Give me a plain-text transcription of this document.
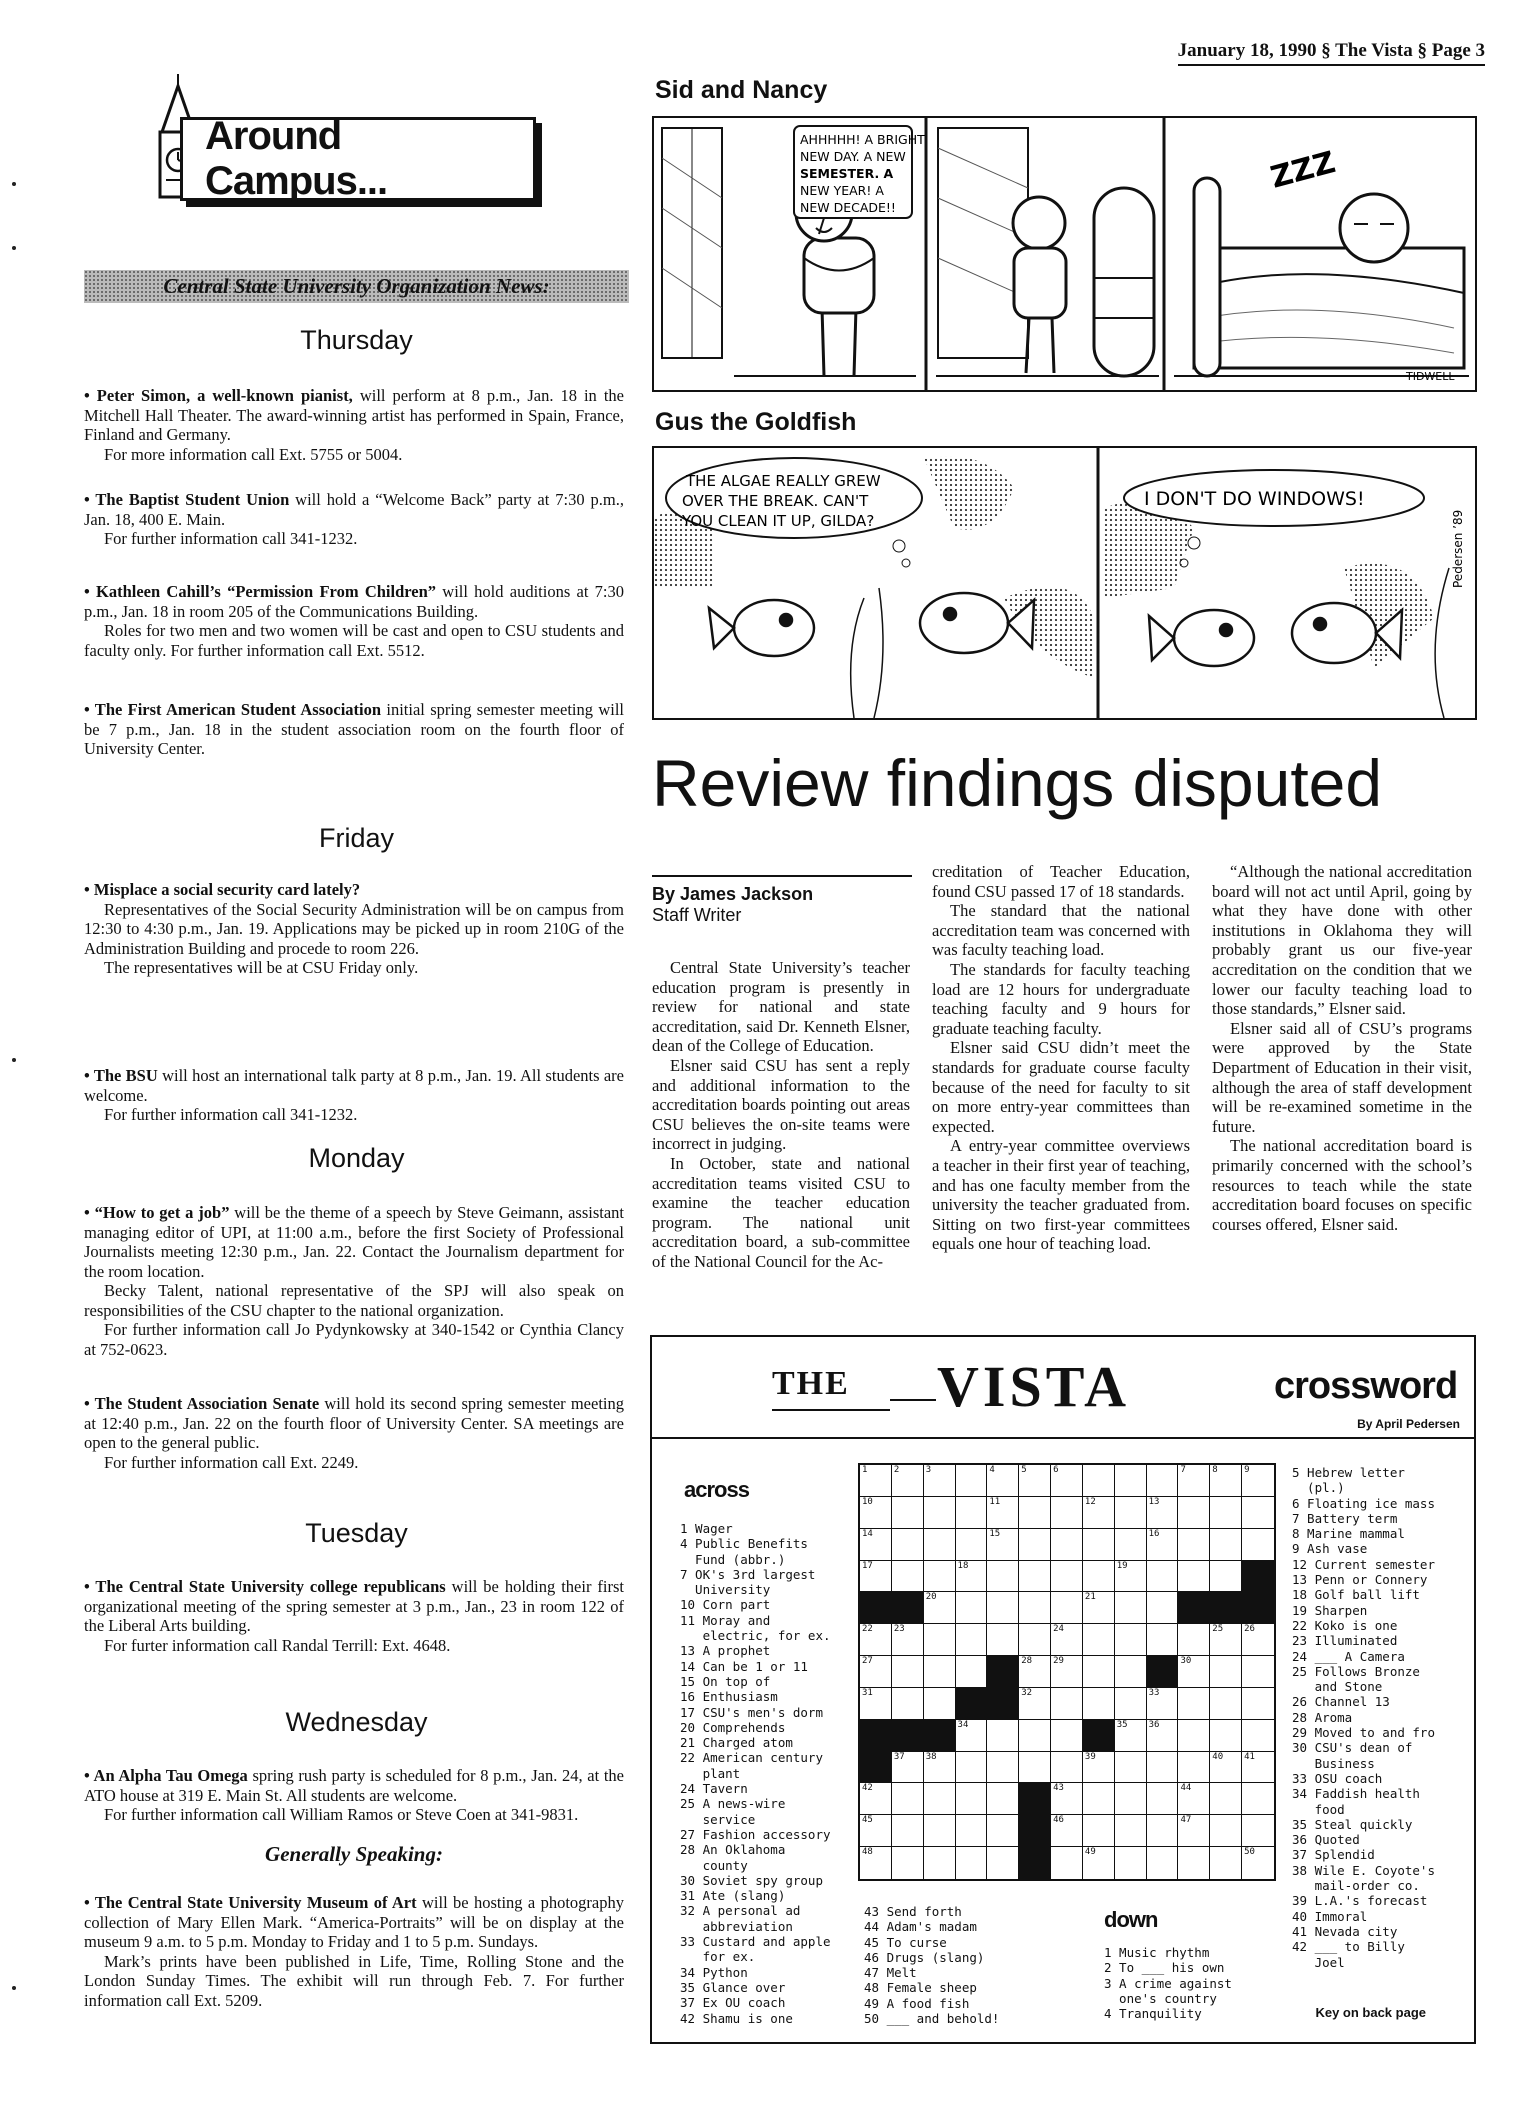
January 18, 1990 § The Vista § Page 3
Around Campus...
Central State University Organization News:
Thursday

• Peter Simon, a well-known pianist, will perform at 8 p.m., Jan. 18 in the Mitchell Hall Theater. The award-winning artist has performed in Spain, France, Finland and Germany.

For more information call Ext. 5755 or 5004.

• The Baptist Student Union will hold a “Welcome Back” party at 7:30 p.m., Jan. 18, 400 E. Main.

For further information call 341-1232.

• Kathleen Cahill’s “Permission From Children” will hold auditions at 7:30 p.m., Jan. 18 in room 205 of the Communications Building.

Roles for two men and two women will be cast and open to CSU students and faculty only. For further information call Ext. 5512.

• The First American Student Association initial spring semester meeting will be 7 p.m., Jan. 18 in the student association room on the fourth floor of University Center.

Friday

• Misplace a social security card lately?

Representatives of the Social Security Administration will be on campus from 12:30 to 4:30 p.m., Jan. 19. Applications may be picked up in room 210G of the Administration Building and procede to room 226.

The representatives will be at CSU Friday only.

• The BSU will host an international talk party at 8 p.m., Jan. 19. All students are welcome.

For further information call 341-1232.

Monday

• “How to get a job” will be the theme of a speech by Steve Geimann, assistant managing editor of UPI, at 11:00 a.m., before the first Society of Professional Journalists meeting 12:30 p.m., Jan. 22. Contact the Journalism department for the room location.

Becky Talent, national representative of the SPJ will also speak on responsibilities of the CSU chapter to the national organization.

For further information call Jo Pydynkowsky at 340-1542 or Cynthia Clancy at 752-0623.

• The Student Association Senate will hold its second spring semester meeting at 12:40 p.m., Jan. 22 on the fourth floor of University Center. SA meetings are open to the general public.

For further information call Ext. 2249.

Tuesday

• The Central State University college republicans will be holding their first organizational meeting of the spring semester at 3 p.m., Jan., 23 in room 122 of the Liberal Arts building.

For furter information call Randal Terrill: Ext. 4648.

Wednesday

• An Alpha Tau Omega spring rush party is scheduled for 8 p.m., Jan. 24, at the ATO house at 319 E. Main St. All students are welcome.

For further information call William Ramos or Steve Coen at 341-9831.

Generally Speaking:

• The Central State University Museum of Art will be hosting a photography collection of Mary Ellen Mark. “America-Portraits” will be on display at the museum 9 a.m. to 5 p.m. Monday to Friday and 1 to 5 p.m. Sundays.

Mark’s prints have been published in Life, Time, Rolling Stone and the London Sunday Times. The exhibit will run through Feb. 7. For further information call Ext. 5209.

Sid and Nancy
AHHHHH! A BRIGHT
NEW DAY. A NEW
SEMESTER. A
NEW YEAR! A
NEW DECADE!!
ZZZ
TIDWELL
Gus the Goldfish
THE ALGAE REALLY GREW
OVER THE BREAK. CAN'T
YOU CLEAN IT UP, GILDA?
I DON'T DO WINDOWS!
Pedersen ’89
Review findings disputed
By James Jackson
Staff Writer

Central State University’s teacher education program is presently in review for national and state accreditation, said Dr. Kenneth Elsner, dean of the College of Education.

Elsner said CSU has sent a reply and additional information to the accreditation boards pointing out areas CSU believes the on-site teams were incorrect in judging.

In October, state and national accreditation teams visited CSU to examine the teacher education program. The national unit accreditation board, a sub-committee of the National Council for the Ac-

creditation of Teacher Education, found CSU passed 17 of 18 standards.

The standard that the national accreditation team was concerned with was faculty teaching load.

The standards for faculty teaching load are 12 hours for undergraduate teaching faculty and 9 hours for graduate teaching faculty.

Elsner said CSU didn’t meet the standards for graduate course faculty because of the need for faculty to sit on more entry-year committees than expected.

A entry-year committee overviews a teacher in their first year of teaching, and has one faculty member from the university the teacher graduated from. Sitting on two first-year committees equals one hour of teaching load.

“Although the national accreditation board will not act until April, going by what they have done with other institutions in Oklahoma they will probably grant us our five-year accreditation on the condition that we lower our faculty teaching load to those standards,” Elsner said.

Elsner said all of CSU’s programs were approved by the State Department of Education in their visit, although the area of staff development will be re-examined sometime in the future.

The national accreditation board is primarily concerned with the school’s resources to teach while the state accreditation board focuses on specific courses offered, Elsner said.

THE VISTA	crossword
By April Pedersen
across
1 Wager
4 Public Benefits
Fund (abbr.)
7 OK's 3rd largest
University
10 Corn part
11 Moray and
electric, for ex.
13 A prophet
14 Can be 1 or 11
15 On top of
16 Enthusiasm
17 CSU's men's dorm
20 Comprehends
21 Charged atom
22 American century
plant
24 Tavern
25 A news-wire
service
27 Fashion accessory
28 An Oklahoma
county
30 Soviet spy group
31 Ate (slang)
32 A personal ad
abbreviation
33 Custard and apple
for ex.
34 Python
35 Glance over
37 Ex OU coach
42 Shamu is one
1	2	3	4	5	6	7	8	9
10	11	12	13
14	15	16
17	18	19
20	21
22 23	24	25 26
27	28 29	30
31	32	33
34	35 36
37 38	39	40 41
42	43	44
45	46	47
48	49	50
43 Send forth
44 Adam's madam
45 To curse
46 Drugs (slang)
47 Melt
48 Female sheep
49 A food fish
50 ___ and behold!
down
1 Music rhythm
2 To ___ his own
3 A crime against
one's country
4 Tranquility
5 Hebrew letter
(pl.)
6 Floating ice mass
7 Battery term
8 Marine mammal
9 Ash vase
12 Current semester
13 Penn or Connery
18 Golf ball lift
19 Sharpen
22 Koko is one
23 Illuminated
24 ___ A Camera
25 Follows Bronze
and Stone
26 Channel 13
28 Aroma
29 Moved to and fro
30 CSU's dean of
Business
33 OSU coach
34 Faddish health
food
35 Steal quickly
36 Quoted
37 Splendid
38 Wile E. Coyote's
mail-order co.
39 L.A.'s forecast
40 Immoral
41 Nevada city
42 ___ to Billy
Joel
Key on back page
